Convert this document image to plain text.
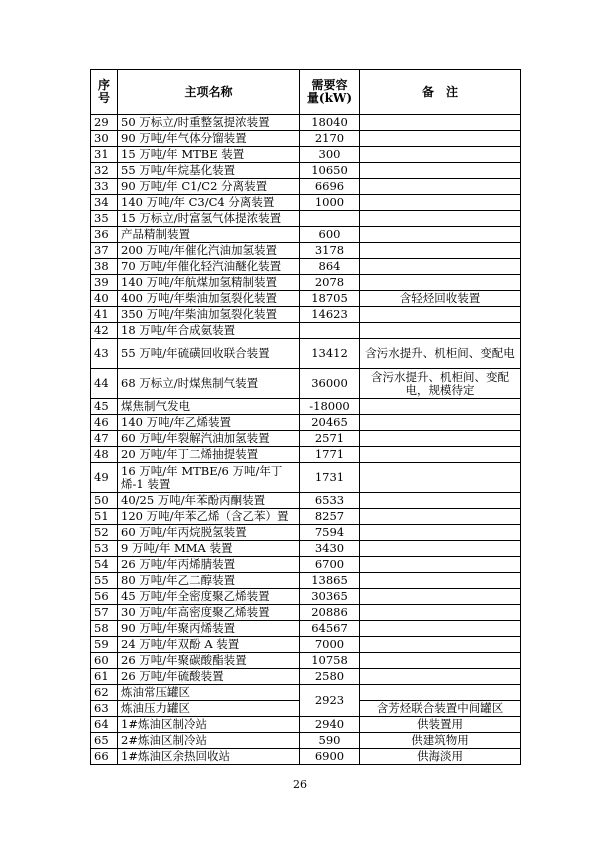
序
号	主项名称	需要容
量(kW)	备　注
29	50 万标立/时重整氢提浓装置	18040	
30	90 万吨/年气体分馏装置	2170	
31	15 万吨/年 MTBE 装置	300	
32	55 万吨/年烷基化装置	10650	
33	90 万吨/年 C1/C2 分离装置	6696	
34	140 万吨/年 C3/C4 分离装置	1000	
35	15 万标立/时富氢气体提浓装置		
36	产品精制装置	600	
37	200 万吨/年催化汽油加氢装置	3178	
38	70 万吨/年催化轻汽油醚化装置	864	
39	140 万吨/年航煤加氢精制装置	2078	
40	400 万吨/年柴油加氢裂化装置	18705	含轻烃回收装置
41	350 万吨/年柴油加氢裂化装置	14623	
42	18 万吨/年合成氨装置		
43	55 万吨/年硫磺回收联合装置	13412	含污水提升、机柜间、变配电
44	68 万标立/时煤焦制气装置	36000	含污水提升、机柜间、变配电，规模待定
45	煤焦制气发电	-18000	
46	140 万吨/年乙烯装置	20465	
47	60 万吨/年裂解汽油加氢装置	2571	
48	20 万吨/年丁二烯抽提装置	1771	
49	16 万吨/年 MTBE/6 万吨/年丁烯-1 装置	1731	
50	40/25 万吨/年苯酚丙酮装置	6533	
51	120 万吨/年苯乙烯（含乙苯）置	8257	
52	60 万吨/年丙烷脱氢装置	7594	
53	9 万吨/年 MMA 装置	3430	
54	26 万吨/年丙烯腈装置	6700	
55	80 万吨/年乙二醇装置	13865	
56	45 万吨/年全密度聚乙烯装置	30365	
57	30 万吨/年高密度聚乙烯装置	20886	
58	90 万吨/年聚丙烯装置	64567	
59	24 万吨/年双酚 A 装置	7000	
60	26 万吨/年聚碳酸酯装置	10758	
61	26 万吨/年硫酸装置	2580	
62	炼油常压罐区	2923	
63	炼油压力罐区		含芳烃联合装置中间罐区
64	1#炼油区制冷站	2940	供装置用
65	2#炼油区制冷站	590	供建筑物用
66	1#炼油区余热回收站	6900	供海淡用
26
